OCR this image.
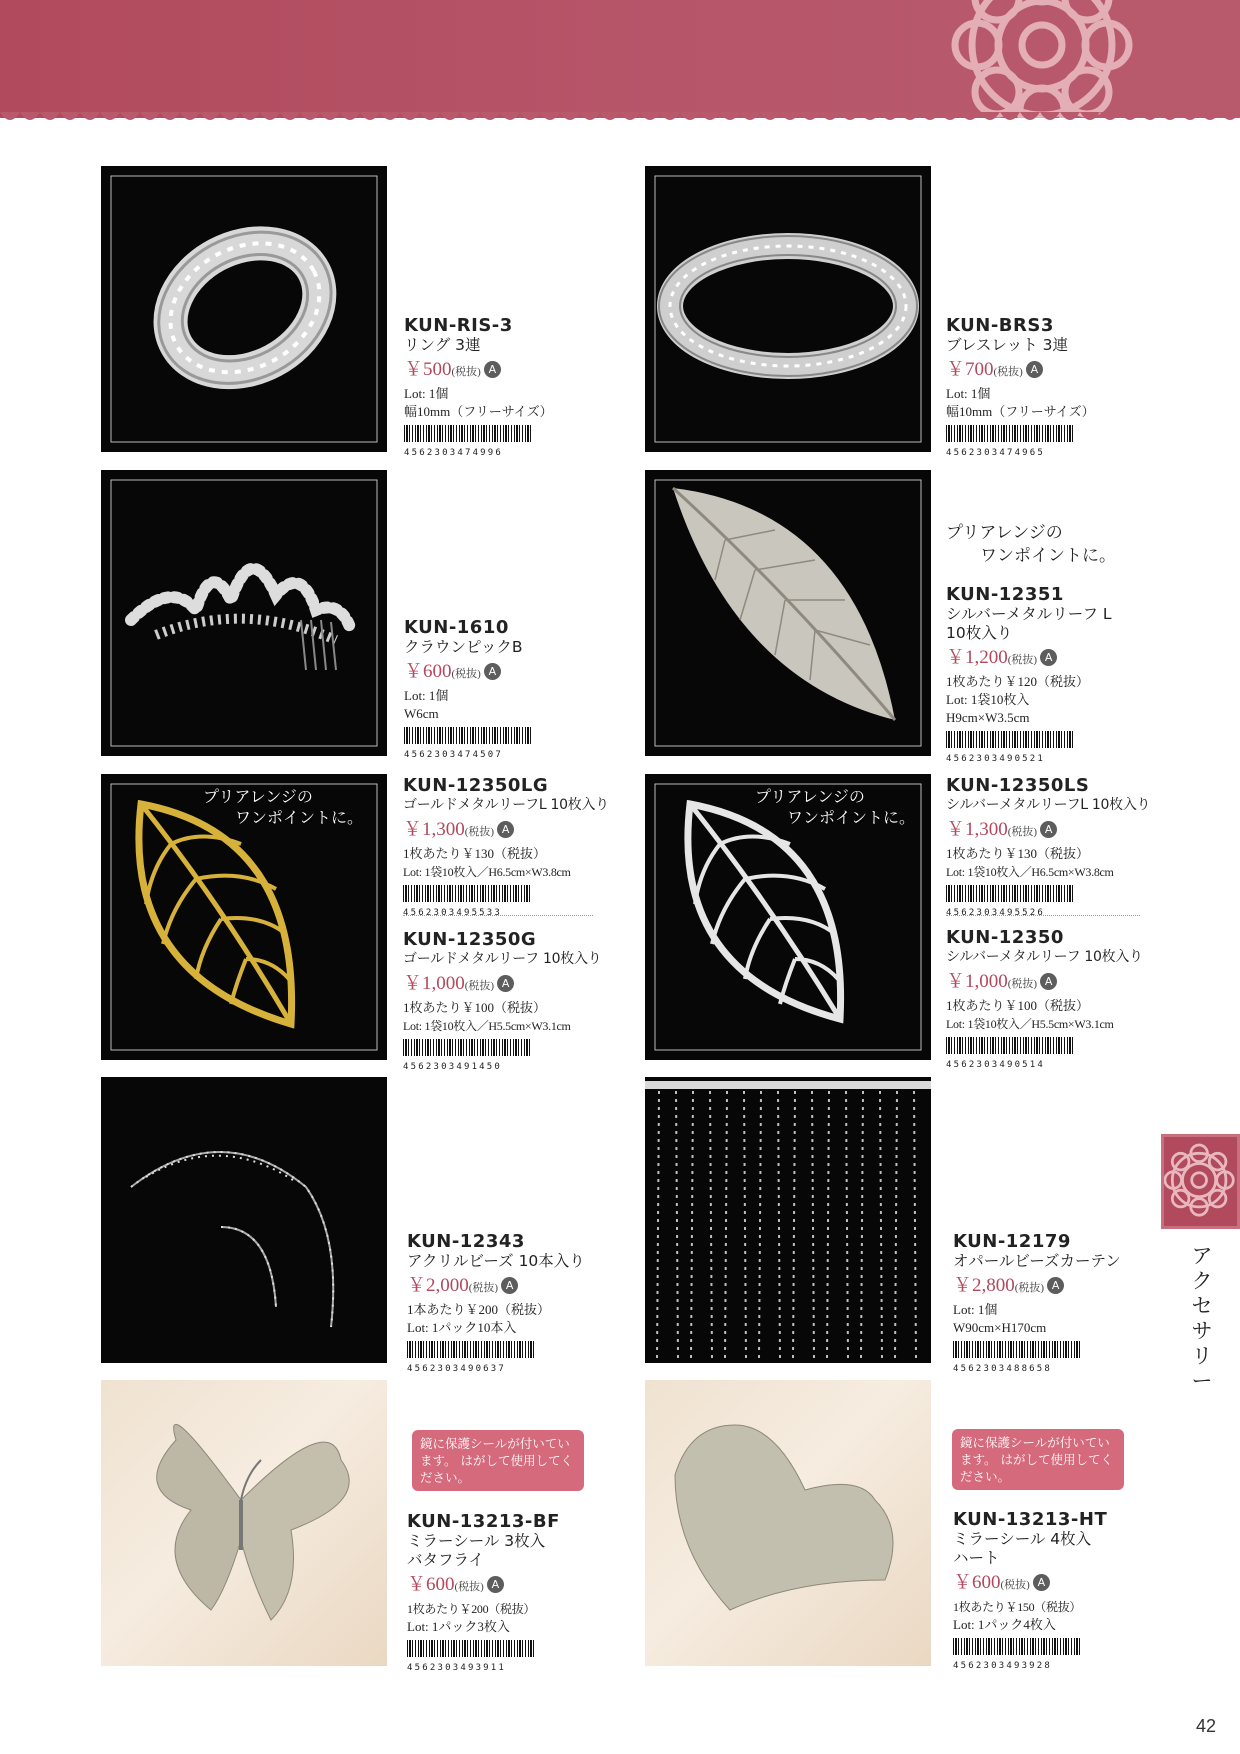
KUN-RIS-3
リング 3連
￥500(税抜) A
Lot: 1個
幅10mm（フリーサイズ）
4562303474996
KUN-BRS3
ブレスレット 3連
￥700(税抜) A
Lot: 1個
幅10mm（フリーサイズ）
4562303474965
KUN-1610
クラウンピックB
￥600(税抜) A
Lot: 1個
W6cm
4562303474507
プリアレンジの
　　ワンポイントに。
KUN-12351
シルバーメタルリーフ L
10枚入り
￥1,200(税抜) A
1枚あたり￥120（税抜）
Lot: 1袋10枚入
H9cm×W3.5cm
4562303490521
プリアレンジの
　　ワンポイントに。
KUN-12350LG
ゴールドメタルリーフL 10枚入り
￥1,300(税抜) A
1枚あたり￥130（税抜）
Lot: 1袋10枚入／H6.5cm×W3.8cm
4562303495533
KUN-12350G
ゴールドメタルリーフ 10枚入り
￥1,000(税抜) A
1枚あたり￥100（税抜）
Lot: 1袋10枚入／H5.5cm×W3.1cm
4562303491450
プリアレンジの
　　ワンポイントに。
KUN-12350LS
シルバーメタルリーフL 10枚入り
￥1,300(税抜) A
1枚あたり￥130（税抜）
Lot: 1袋10枚入／H6.5cm×W3.8cm
4562303495526
KUN-12350
シルバーメタルリーフ 10枚入り
￥1,000(税抜) A
1枚あたり￥100（税抜）
Lot: 1袋10枚入／H5.5cm×W3.1cm
4562303490514
KUN-12343
アクリルビーズ 10本入り
￥2,000(税抜) A
1本あたり￥200（税抜）
Lot: 1パック10本入
4562303490637
KUN-12179
オパールビーズカーテン
￥2,800(税抜) A
Lot: 1個
W90cm×H170cm
4562303488658
鏡に保護シールが付いてい
ます。 はがして使用してく
ださい。
KUN-13213-BF
ミラーシール 3枚入
バタフライ
￥600(税抜) A
1枚あたり￥200（税抜）
Lot: 1パック3枚入
4562303493911
鏡に保護シールが付いてい
ます。 はがして使用してく
ださい。
KUN-13213-HT
ミラーシール 4枚入
ハート
￥600(税抜) A
1枚あたり￥150（税抜）
Lot: 1パック4枚入
4562303493928
ア
ク
セ
サ
リ
ー
42
